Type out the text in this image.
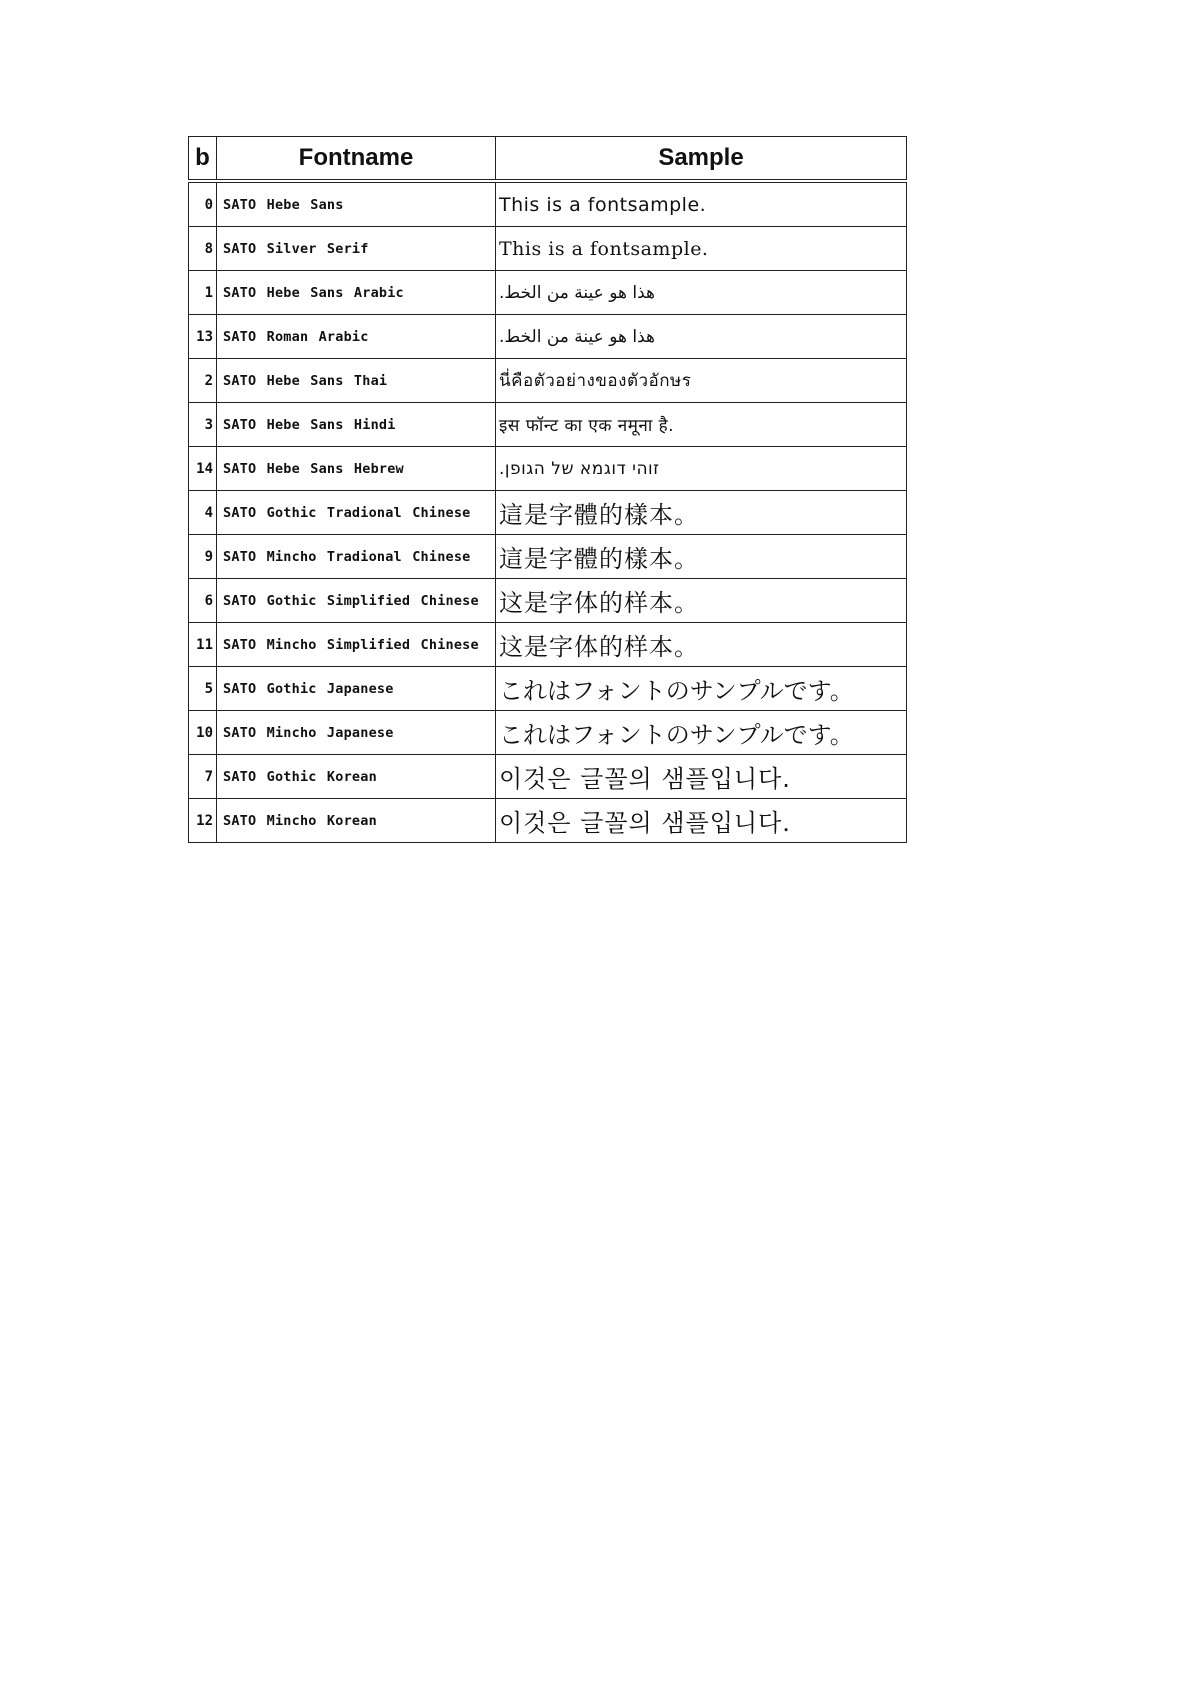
b	Fontname	Sample
0	SATO Hebe Sans	This is a fontsample.
8	SATO Silver Serif	This is a fontsample.
1	SATO Hebe Sans Arabic	هذا هو عينة من الخط.
13	SATO Roman Arabic	هذا هو عينة من الخط.
2	SATO Hebe Sans Thai	นี่คือตัวอย่างของตัวอักษร
3	SATO Hebe Sans Hindi	इस फॉन्ट का एक नमूना है.
14	SATO Hebe Sans Hebrew	זוהי דוגמא של הגופן.
4	SATO Gothic Tradional Chinese	這是字體的樣本。
9	SATO Mincho Tradional Chinese	這是字體的樣本。
6	SATO Gothic Simplified Chinese	这是字体的样本。
11	SATO Mincho Simplified Chinese	这是字体的样本。
5	SATO Gothic Japanese	これはフォントのサンプルです。
10	SATO Mincho Japanese	これはフォントのサンプルです。
7	SATO Gothic Korean	이것은 글꼴의 샘플입니다.
12	SATO Mincho Korean	이것은 글꼴의 샘플입니다.
